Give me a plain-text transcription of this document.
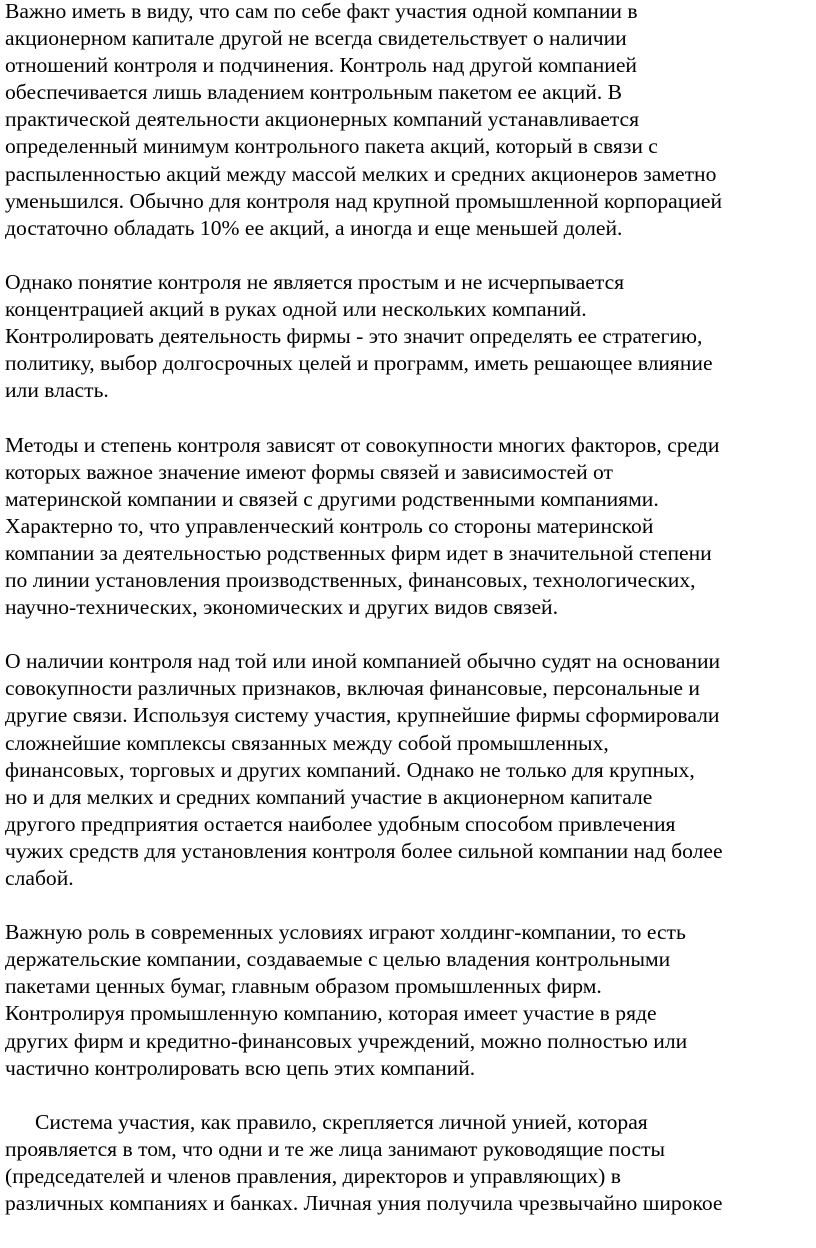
Важно иметь в виду, что сам по себе факт участия одной компании в
акционерном капитале другой не всегда свидетельствует о наличии
отношений контроля и подчинения. Контроль над другой компанией
обеспечивается лишь владением контрольным пакетом ее акций. В
практической деятельности акционерных компаний устанавливается
определенный минимум контрольного пакета акций, который в связи с
распыленностью акций между массой мелких и средних акционеров заметно
уменьшился. Обычно для контроля над крупной промышленной корпорацией
достаточно обладать 10% ее акций, а иногда и еще меньшей долей.
Однако понятие контроля не является простым и не исчерпывается
концентрацией акций в руках одной или нескольких компаний.
Контролировать деятельность фирмы - это значит определять ее стратегию,
политику, выбор долгосрочных целей и программ, иметь решающее влияние
или власть.
Методы и степень контроля зависят от совокупности многих факторов, среди
которых важное значение имеют формы связей и зависимостей от
материнской компании и связей с другими родственными компаниями.
Характерно то, что управленческий контроль со стороны материнской
компании за деятельностью родственных фирм идет в значительной степени
по линии установления производственных, финансовых, технологических,
научно-технических, экономических и других видов связей.
О наличии контроля над той или иной компанией обычно судят на основании
совокупности различных признаков, включая финансовые, персональные и
другие связи. Используя систему участия, крупнейшие фирмы сформировали
сложнейшие комплексы связанных между собой промышленных,
финансовых, торговых и других компаний. Однако не только для крупных,
но и для мелких и средних компаний участие в акционерном капитале
другого предприятия остается наиболее удобным способом привлечения
чужих средств для установления контроля более сильной компании над более
слабой.
Важную роль в современных условиях играют холдинг-компании, то есть
держательские компании, создаваемые с целью владения контрольными
пакетами ценных бумаг, главным образом промышленных фирм.
Контролируя промышленную компанию, которая имеет участие в ряде
других фирм и кредитно-финансовых учреждений, можно полностью или
частично контролировать всю цепь этих компаний.
Система участия, как правило, скрепляется личной унией, которая
проявляется в том, что одни и те же лица занимают руководящие посты
(председателей и членов правления, директоров и управляющих) в
различных компаниях и банках. Личная уния получила чрезвычайно широкое
